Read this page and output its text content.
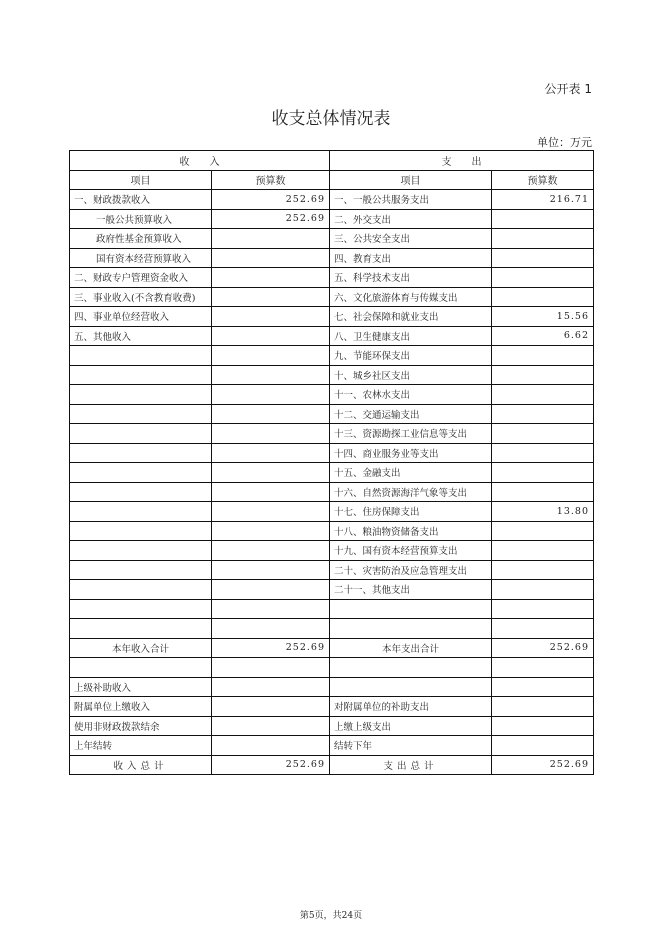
公开表 1
收支总体情况表
单位：万元
收　　入		支　　出	
项目	预算数	项目	预算数
一、财政拨款收入	252.69	一、一般公共服务支出	216.71
一般公共预算收入	252.69	二、外交支出	
政府性基金预算收入		三、公共安全支出	
国有资本经营预算收入		四、教育支出	
二、财政专户管理资金收入		五、科学技术支出	
三、事业收入(不含教育收费)		六、文化旅游体育与传媒支出	
四、事业单位经营收入		七、社会保障和就业支出	15.56
五、其他收入		八、卫生健康支出	6.62
		九、节能环保支出	
		十、城乡社区支出	
		十一、农林水支出	
		十二、交通运输支出	
		十三、资源勘探工业信息等支出	
		十四、商业服务业等支出	
		十五、金融支出	
		十六、自然资源海洋气象等支出	
		十七、住房保障支出	13.80
		十八、粮油物资储备支出	
		十九、国有资本经营预算支出	
		二十、灾害防治及应急管理支出	
		二十一、其他支出	

本年收入合计	252.69	本年支出合计	252.69

上级补助收入			
附属单位上缴收入		对附属单位的补助支出	
使用非财政拨款结余		上缴上级支出	
上年结转		结转下年	
收入总计	252.69	支出总计	252.69
第5页，共24页
